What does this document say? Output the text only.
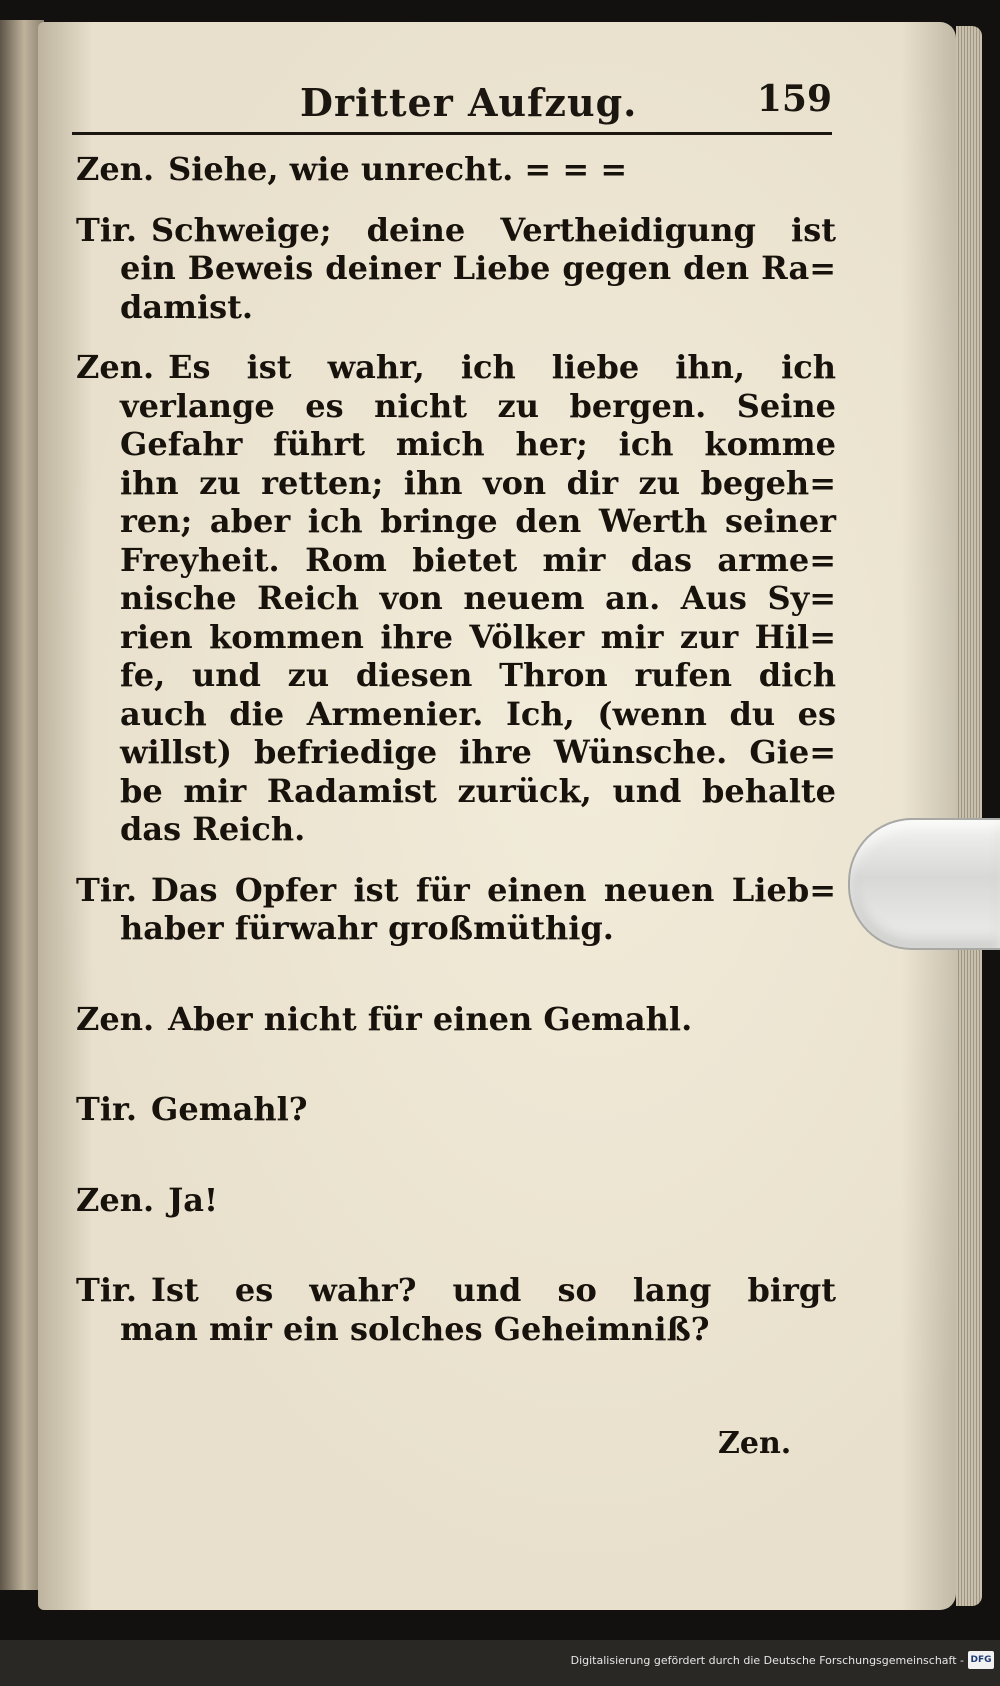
Dritter Aufzug.	159
Zen. Siehe, wie unrecht. = = =
Tir. Schweige; deine Vertheidigung ist
ein Beweis deiner Liebe gegen den Ra=
damist.
Zen. Es ist wahr, ich liebe ihn, ich
verlange es nicht zu bergen. Seine
Gefahr führt mich her; ich komme
ihn zu retten; ihn von dir zu begeh=
ren; aber ich bringe den Werth seiner
Freyheit. Rom bietet mir das arme=
nische Reich von neuem an. Aus Sy=
rien kommen ihre Völker mir zur Hil=
fe, und zu diesen Thron rufen dich
auch die Armenier. Ich, (wenn du es
willst) befriedige ihre Wünsche. Gie=
be mir Radamist zurück, und behalte
das Reich.
Tir. Das Opfer ist für einen neuen Lieb=
haber fürwahr großmüthig.
Zen. Aber nicht für einen Gemahl.
Tir. Gemahl?
Zen. Ja!
Tir. Ist es wahr? und so lang birgt
man mir ein solches Geheimniß?
Zen.
Digitalisierung gefördert durch die Deutsche Forschungsgemeinschaft - DFG
